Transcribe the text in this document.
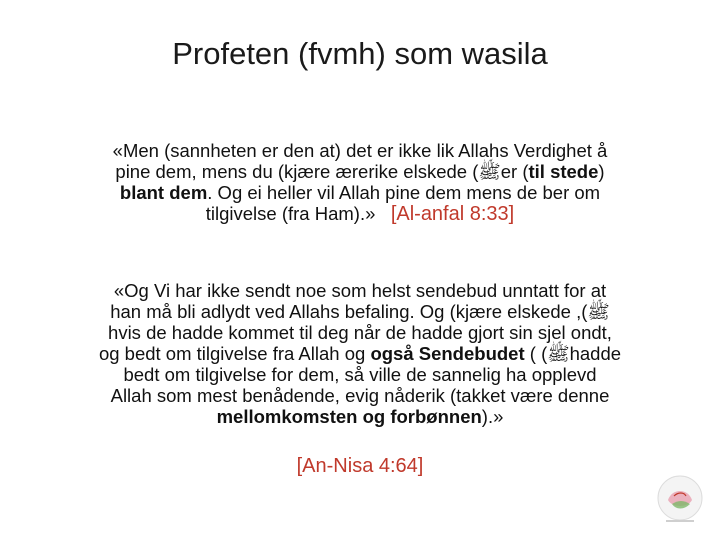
Profeten (fvmh) som wasila
«Men (sannheten er den at) det er ikke lik Allahs Verdighet å
pine dem, mens du (kjære ærerike elskede (ﷺer (til stede)
blant dem. Og ei heller vil Allah pine dem mens de ber om
tilgivelse (fra Ham).» [Al-anfal 8:33]
«Og Vi har ikke sendt noe som helst sendebud unntatt for at
han må bli adlydt ved Allahs befaling. Og (kjære elskede ,(ﷺ
hvis de hadde kommet til deg når de hadde gjort sin sjel ondt,
og bedt om tilgivelse fra Allah og også Sendebudet ( (ﷺhadde
bedt om tilgivelse for dem, så ville de sannelig ha opplevd
Allah som mest benådende, evig nåderik (takket være denne
mellomkomsten og forbønnen).»
[An-Nisa 4:64]
